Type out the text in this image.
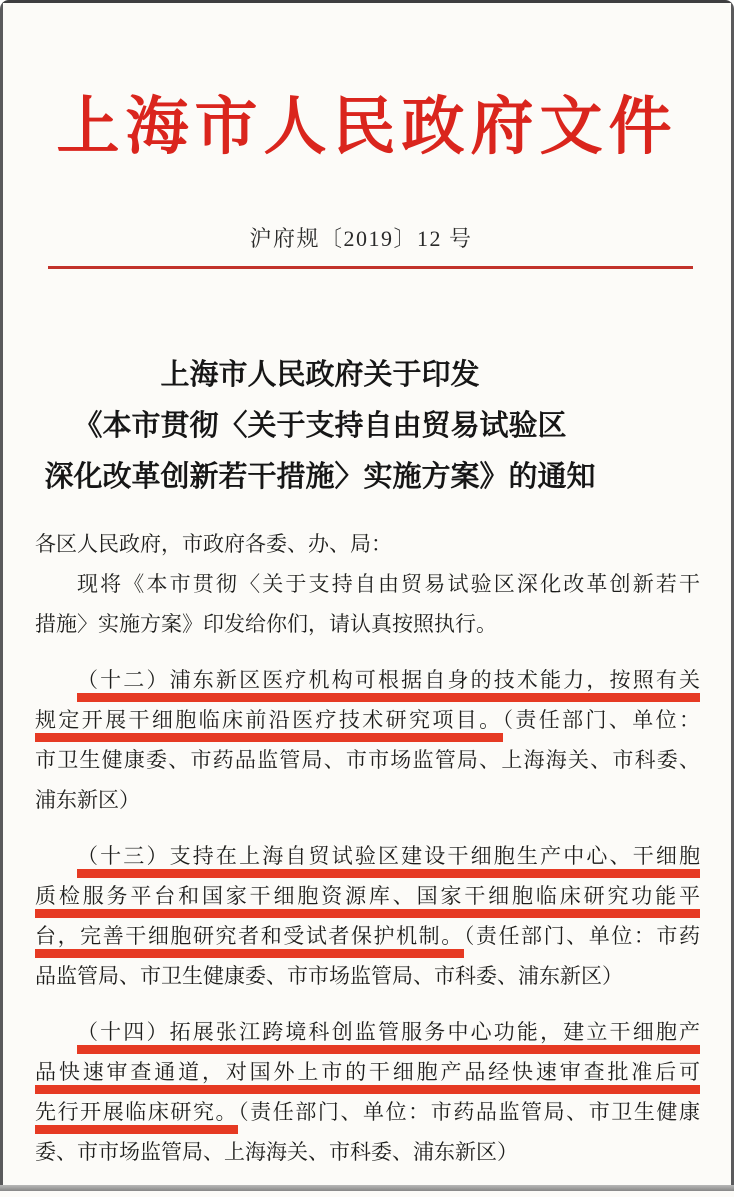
上海市人民政府文件
沪府规〔2019〕12 号
上海市人民政府关于印发
《本市贯彻〈关于支持自由贸易试验区
深化改革创新若干措施〉实施方案》的通知
各区人民政府，市政府各委、办、局：
现将《本市贯彻〈关于支持自由贸易试验区深化改革创新若干
措施〉实施方案》印发给你们，请认真按照执行。
（十二）浦东新区医疗机构可根据自身的技术能力，按照有关
规定开展干细胞临床前沿医疗技术研究项目。（责任部门、单位：
市卫生健康委、市药品监管局、市市场监管局、上海海关、市科委、
浦东新区）
（十三）支持在上海自贸试验区建设干细胞生产中心、干细胞
质检服务平台和国家干细胞资源库、国家干细胞临床研究功能平
台，完善干细胞研究者和受试者保护机制。（责任部门、单位：市药
品监管局、市卫生健康委、市市场监管局、市科委、浦东新区）
（十四）拓展张江跨境科创监管服务中心功能，建立干细胞产
品快速审查通道，对国外上市的干细胞产品经快速审查批准后可
先行开展临床研究。（责任部门、单位：市药品监管局、市卫生健康
委、市市场监管局、上海海关、市科委、浦东新区）
